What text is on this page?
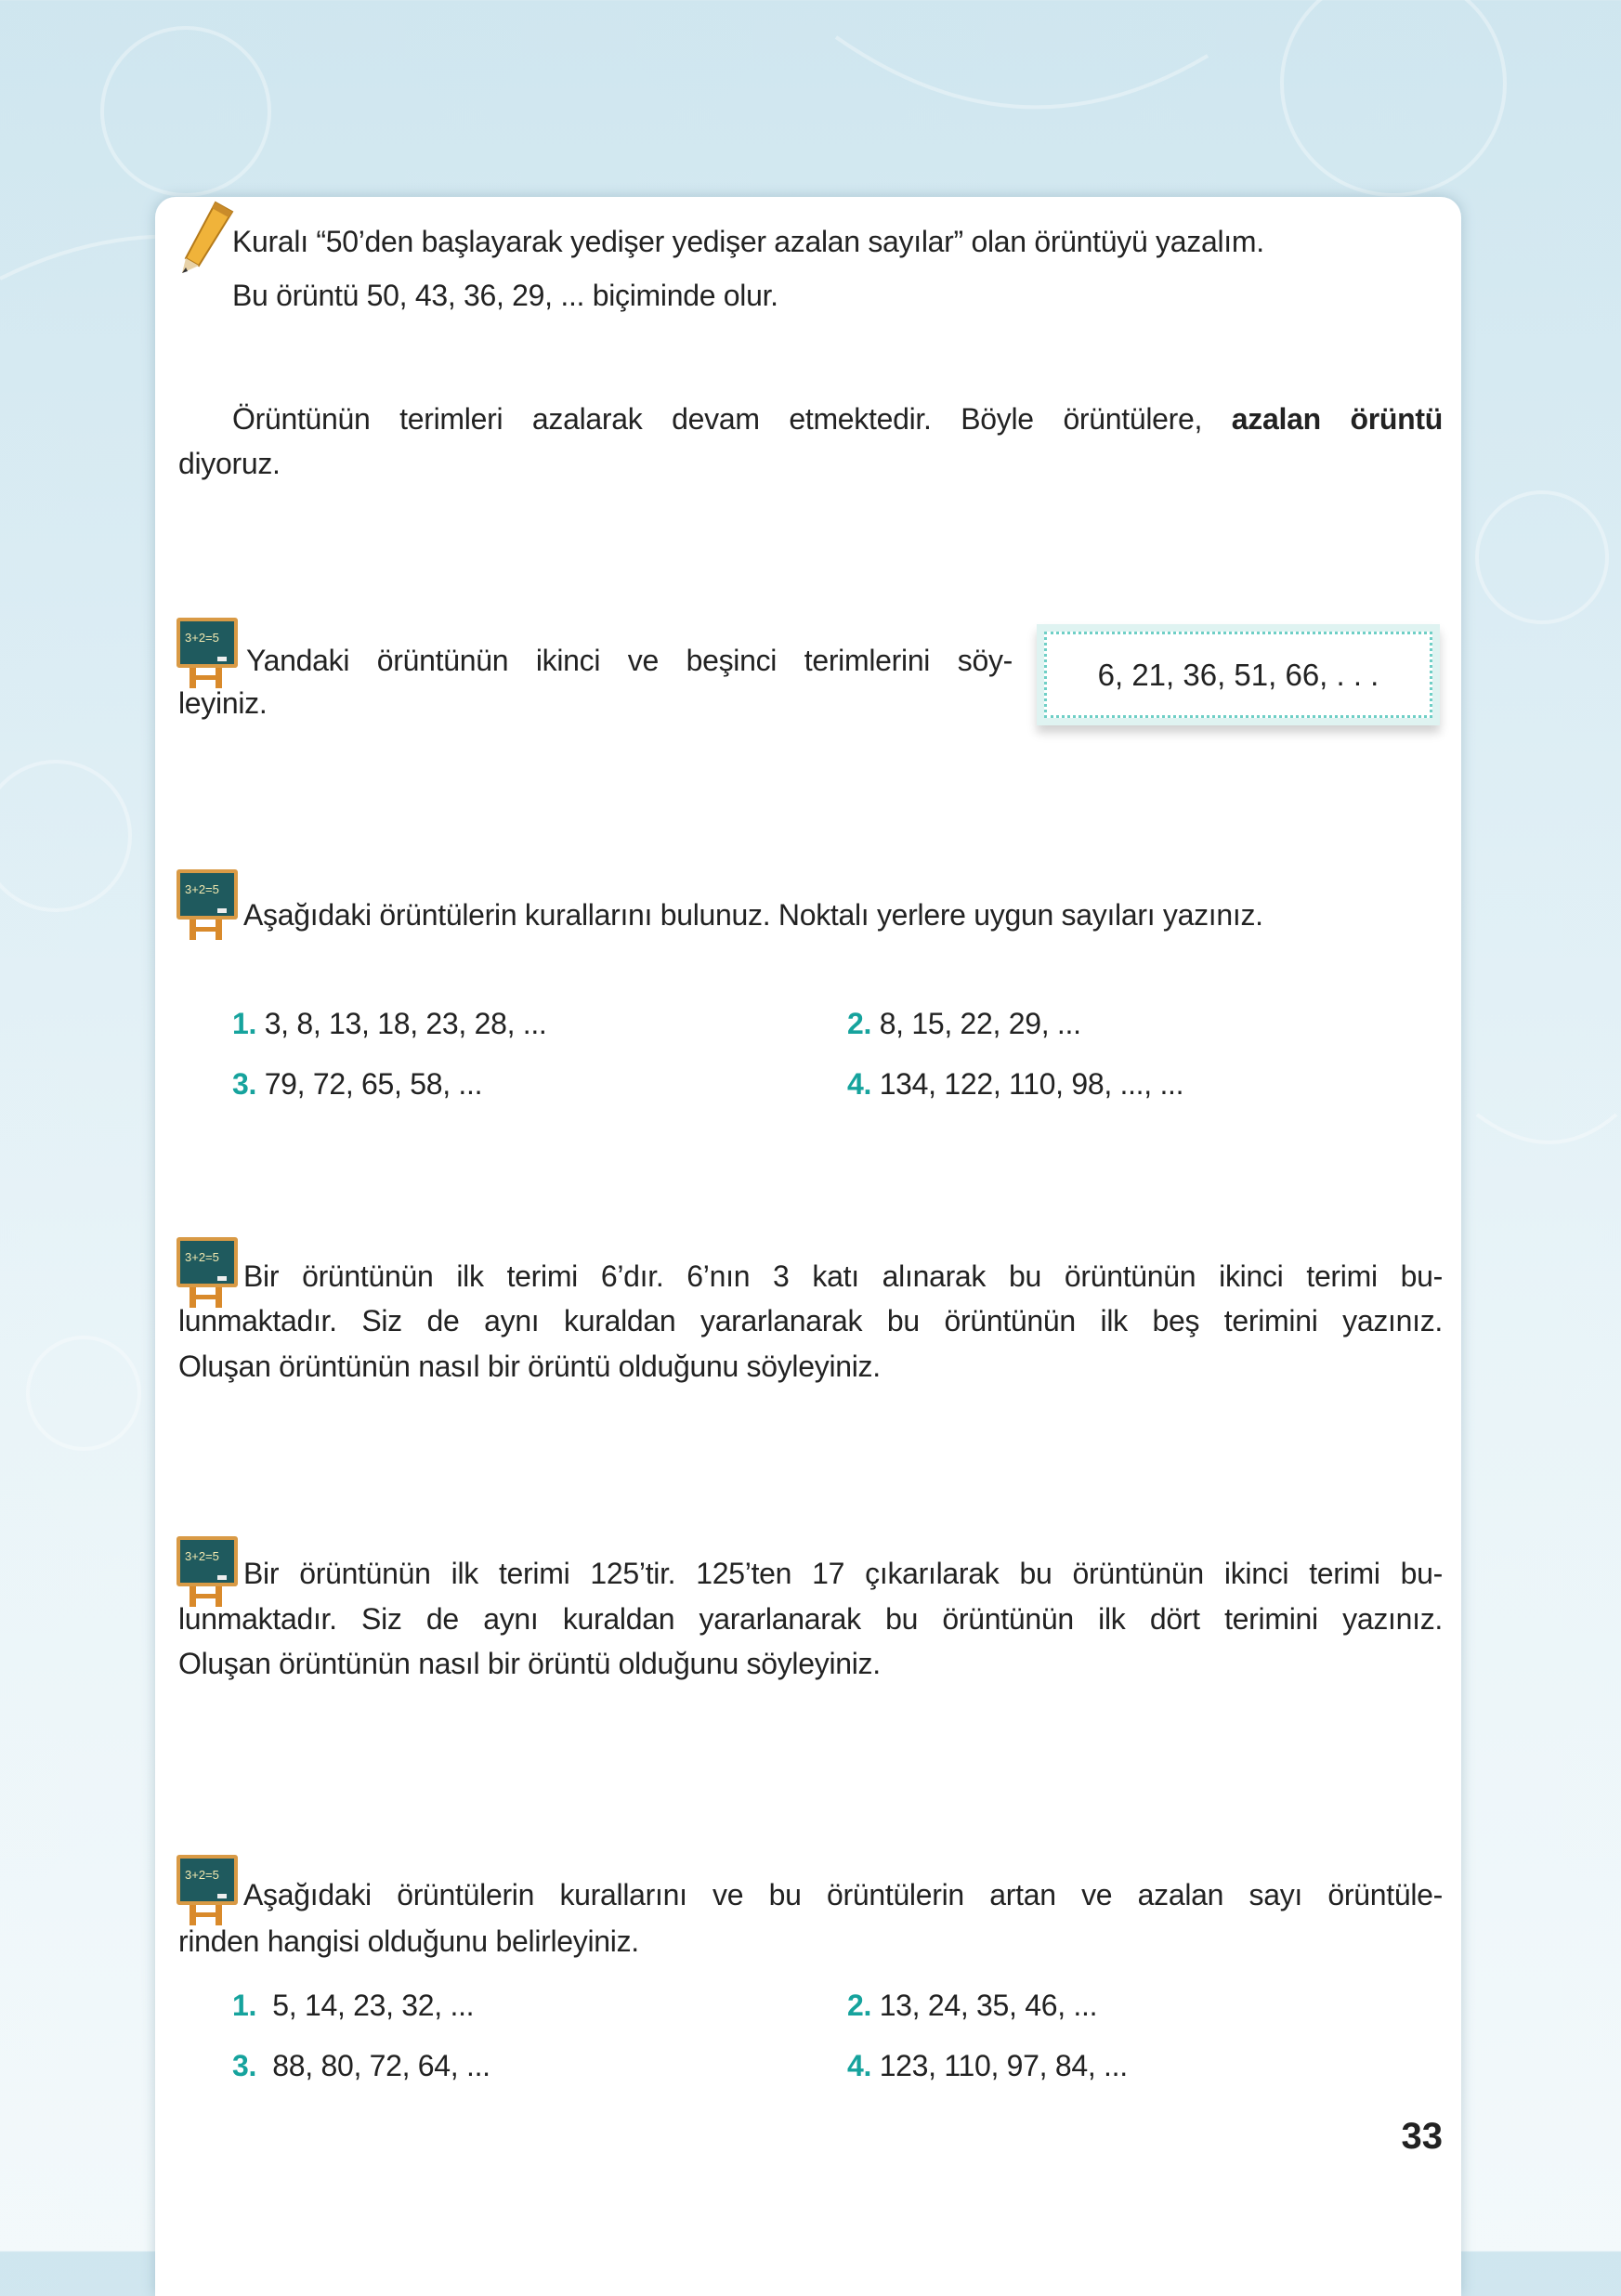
Kuralı “50’den başlayarak yedişer yedişer azalan sayılar” olan örüntüyü yazalım.
Bu örüntü 50, 43, 36, 29, ... biçiminde olur.
Örüntünün terimleri azalarak devam etmektedir. Böyle örüntülere, azalan örüntü
diyoruz.
3+2=5
3+2=5
3+2=5
3+2=5
3+2=5
Yandaki örüntünün ikinci ve beşinci terimlerini söy-
leyiniz.
6, 21, 36, 51, 66, . . .
Aşağıdaki örüntülerin kurallarını bulunuz. Noktalı yerlere uygun sayıları yazınız.
1. 3, 8, 13, 18, 23, 28, ...	2. 8, 15, 22, 29, ...
3. 79, 72, 65, 58, ...	4. 134, 122, 110, 98, ..., ...
Bir örüntünün ilk terimi 6’dır. 6’nın 3 katı alınarak bu örüntünün ikinci terimi bu-
lunmaktadır. Siz de aynı kuraldan yararlanarak bu örüntünün ilk beş terimini yazınız.
Oluşan örüntünün nasıl bir örüntü olduğunu söyleyiniz.
Bir örüntünün ilk terimi 125’tir. 125’ten 17 çıkarılarak bu örüntünün ikinci terimi bu-
lunmaktadır. Siz de aynı kuraldan yararlanarak bu örüntünün ilk dört terimini yazınız.
Oluşan örüntünün nasıl bir örüntü olduğunu söyleyiniz.
Aşağıdaki örüntülerin kurallarını ve bu örüntülerin artan ve azalan sayı örüntüle-
rinden hangisi olduğunu belirleyiniz.
1. 5, 14, 23, 32, ...	2. 13, 24, 35, 46, ...
3. 88, 80, 72, 64, ...	4. 123, 110, 97, 84, ...
33
